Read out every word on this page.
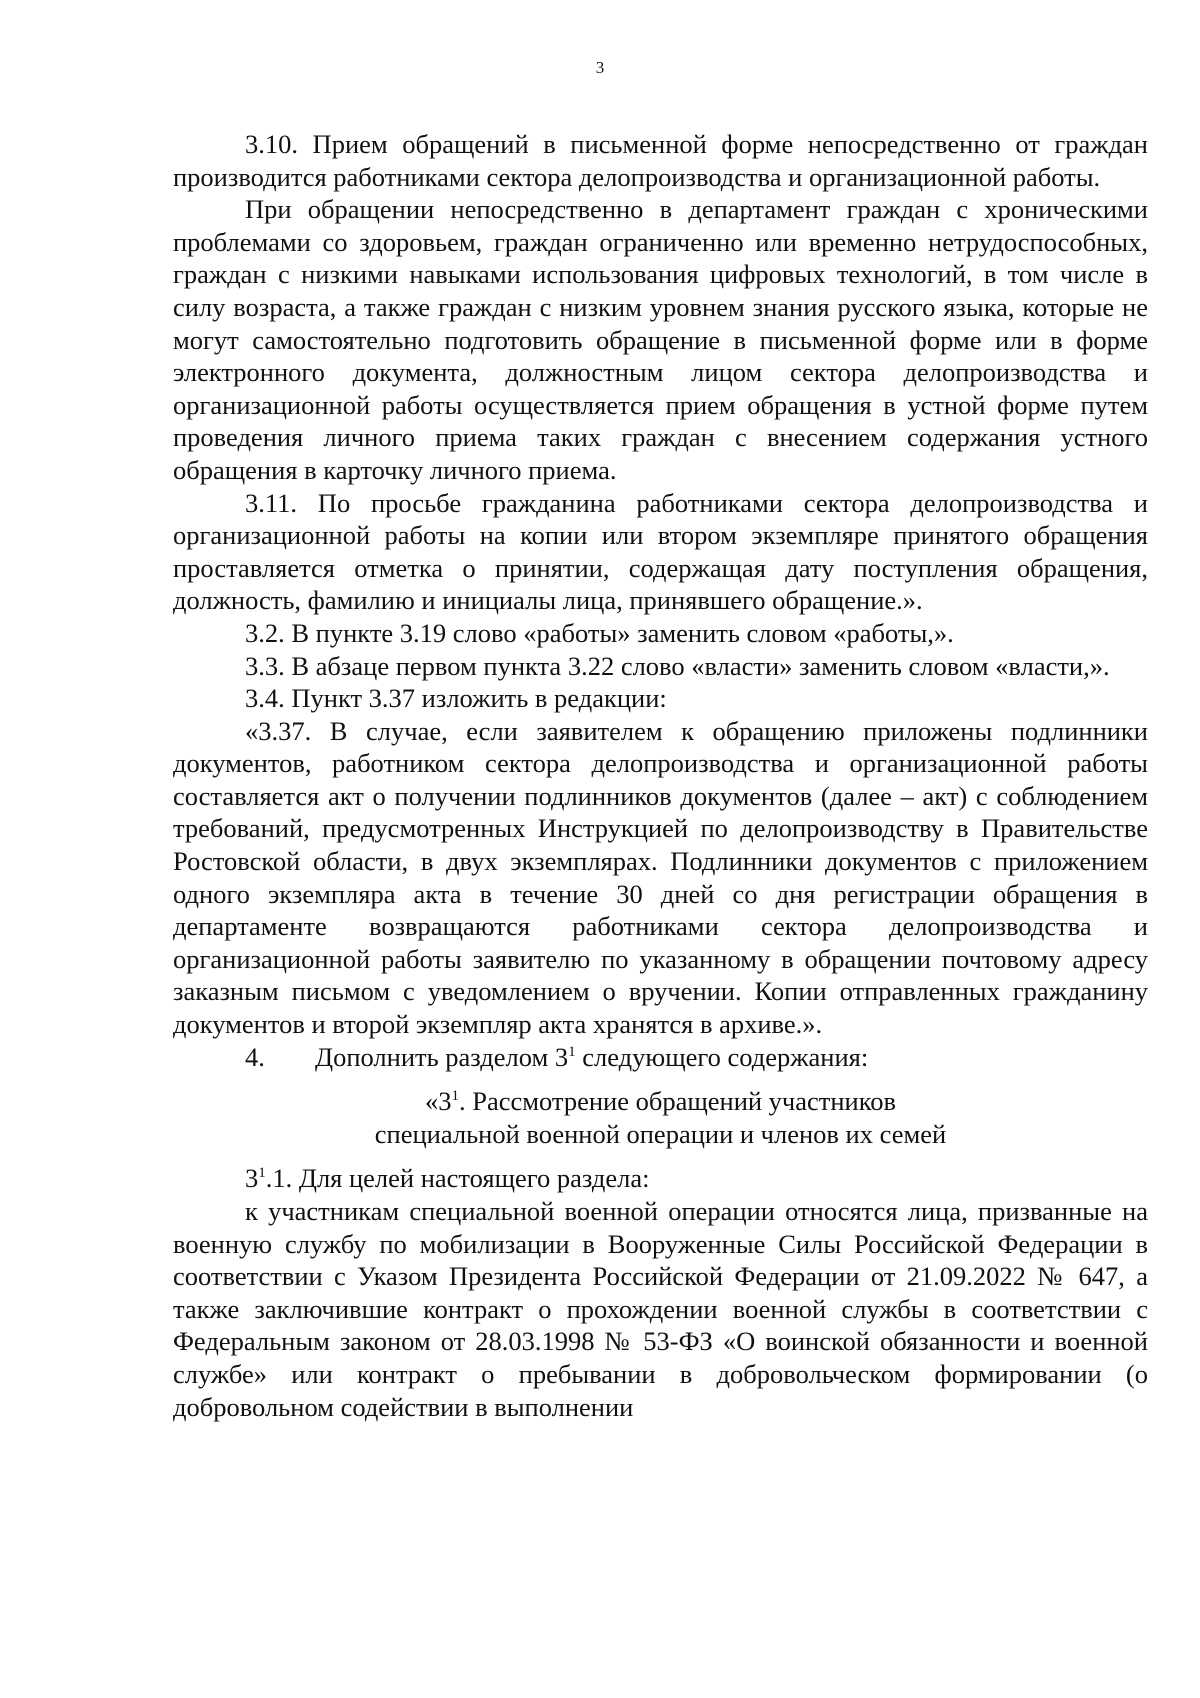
3

3.10. Прием обращений в письменной форме непосредственно от граждан производится работниками сектора делопроизводства и организационной работы.

При обращении непосредственно в департамент граждан с хроническими проблемами со здоровьем, граждан ограниченно или временно нетрудоспособных, граждан с низкими навыками использования цифровых технологий, в том числе в силу возраста, а также граждан с низким уровнем знания русского языка, которые не могут самостоятельно подготовить обращение в письменной форме или в форме электронного документа, должностным лицом сектора делопроизводства и организационной работы осуществляется прием обращения в устной форме путем проведения личного приема таких граждан с внесением содержания устного обращения в карточку личного приема.

3.11. По просьбе гражданина работниками сектора делопроизводства и организационной работы на копии или втором экземпляре принятого обращения проставляется отметка о принятии, содержащая дату поступления обращения, должность, фамилию и инициалы лица, принявшего обращение.».

3.2. В пункте 3.19 слово «работы» заменить словом «работы,».

3.3. В абзаце первом пункта 3.22 слово «власти» заменить словом «власти,».

3.4. Пункт 3.37 изложить в редакции:

«3.37. В случае, если заявителем к обращению приложены подлинники документов, работником сектора делопроизводства и организационной работы составляется акт о получении подлинников документов (далее – акт) с соблюдением требований, предусмотренных Инструкцией по делопроизводству в Правительстве Ростовской области, в двух экземплярах. Подлинники документов с приложением одного экземпляра акта в течение 30 дней со дня регистрации обращения в департаменте возвращаются работниками сектора делопроизводства и организационной работы заявителю по указанному в обращении почтовому адресу заказным письмом с уведомлением о вручении. Копии отправленных гражданину документов и второй экземпляр акта хранятся в архиве.».

4. Дополнить разделом $3^1$ следующего содержания:

«$3^1$. Рассмотрение обращений участников

специальной военной операции и членов их семей

$3^1.1$. Для целей настоящего раздела:

к участникам специальной военной операции относятся лица, призванные на военную службу по мобилизации в Вооруженные Силы Российской Федерации в соответствии с Указом Президента Российской Федерации от 21.09.2022 № 647, а также заключившие контракт о прохождении военной службы в соответствии с Федеральным законом от 28.03.1998 № 53-ФЗ «О воинской обязанности и военной службе» или контракт о пребывании в добровольческом формировании (о добровольном содействии в выполнении
